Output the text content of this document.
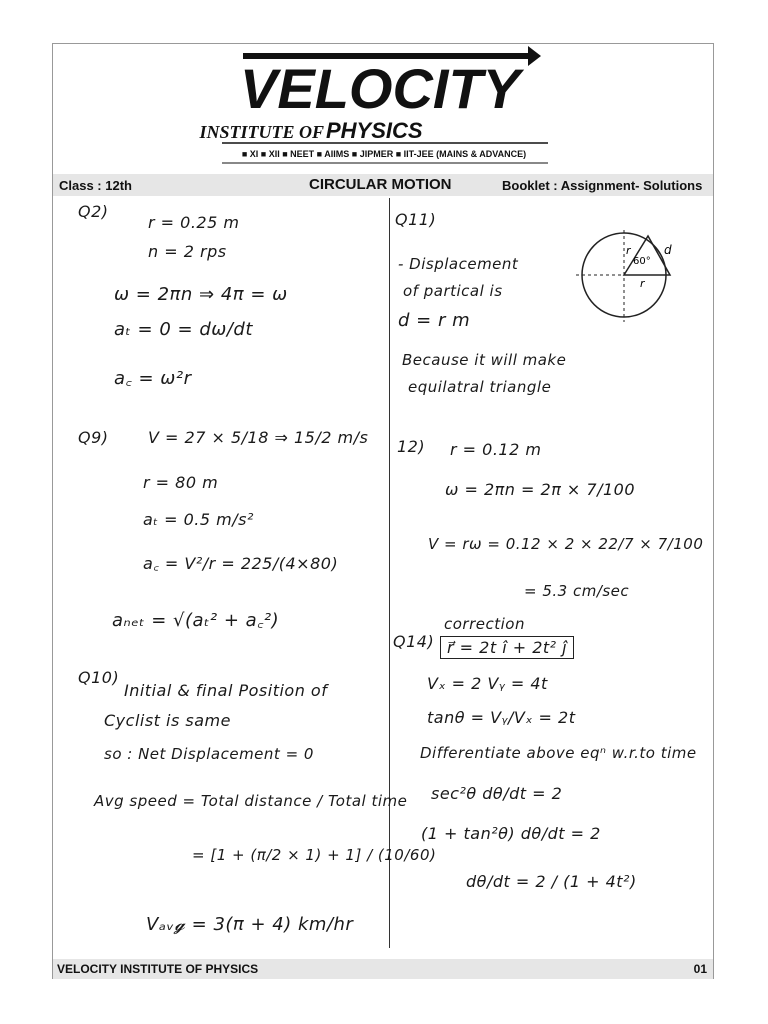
VELOCITY
INSTITUTE OF PHYSICS
■ XI ■ XII ■ NEET ■ AIIMS ■ JIPMER ■ IIT-JEE (MAINS & ADVANCE)
Class : 12th	CIRCULAR MOTION	Booklet : Assignment- Solutions
Q2)
r = 0.25 m
n = 2 rps
ω = 2πn ⇒ 4π = ω
aₜ = 0 = dω/dt
a꜀ = ω²r
Q9) V = 27 × 5/18 ⇒ 15/2 m/s
r = 80 m
aₜ = 0.5 m/s²
a꜀ = V²/r = 225/(4×80)
aₙₑₜ = √(aₜ² + a꜀²)
Q10)
Initial & final Position of
Cyclist is same
so : Net Displacement = 0
Avg speed = Total distance / Total time
= [1 + (π/2 × 1) + 1] / (10/60)
Vₐᵥ𝓰 = 3(π + 4) km/hr
Q11)
- Displacement
of partical is
d = r m
Because it will make
equilatral triangle
60°
r
r
d
12) r = 0.12 m
ω = 2πn = 2π × 7/100
V = rω = 0.12 × 2 × 22/7 × 7/100
= 5.3 cm/sec
Q14)
correction
r⃗ = 2t î + 2t² ĵ
Vₓ = 2 Vᵧ = 4t
tanθ = Vᵧ/Vₓ = 2t
Differentiate above eqⁿ w.r.to time
sec²θ dθ/dt = 2
(1 + tan²θ) dθ/dt = 2
dθ/dt = 2 / (1 + 4t²)
VELOCITY INSTITUTE OF PHYSICS	01
